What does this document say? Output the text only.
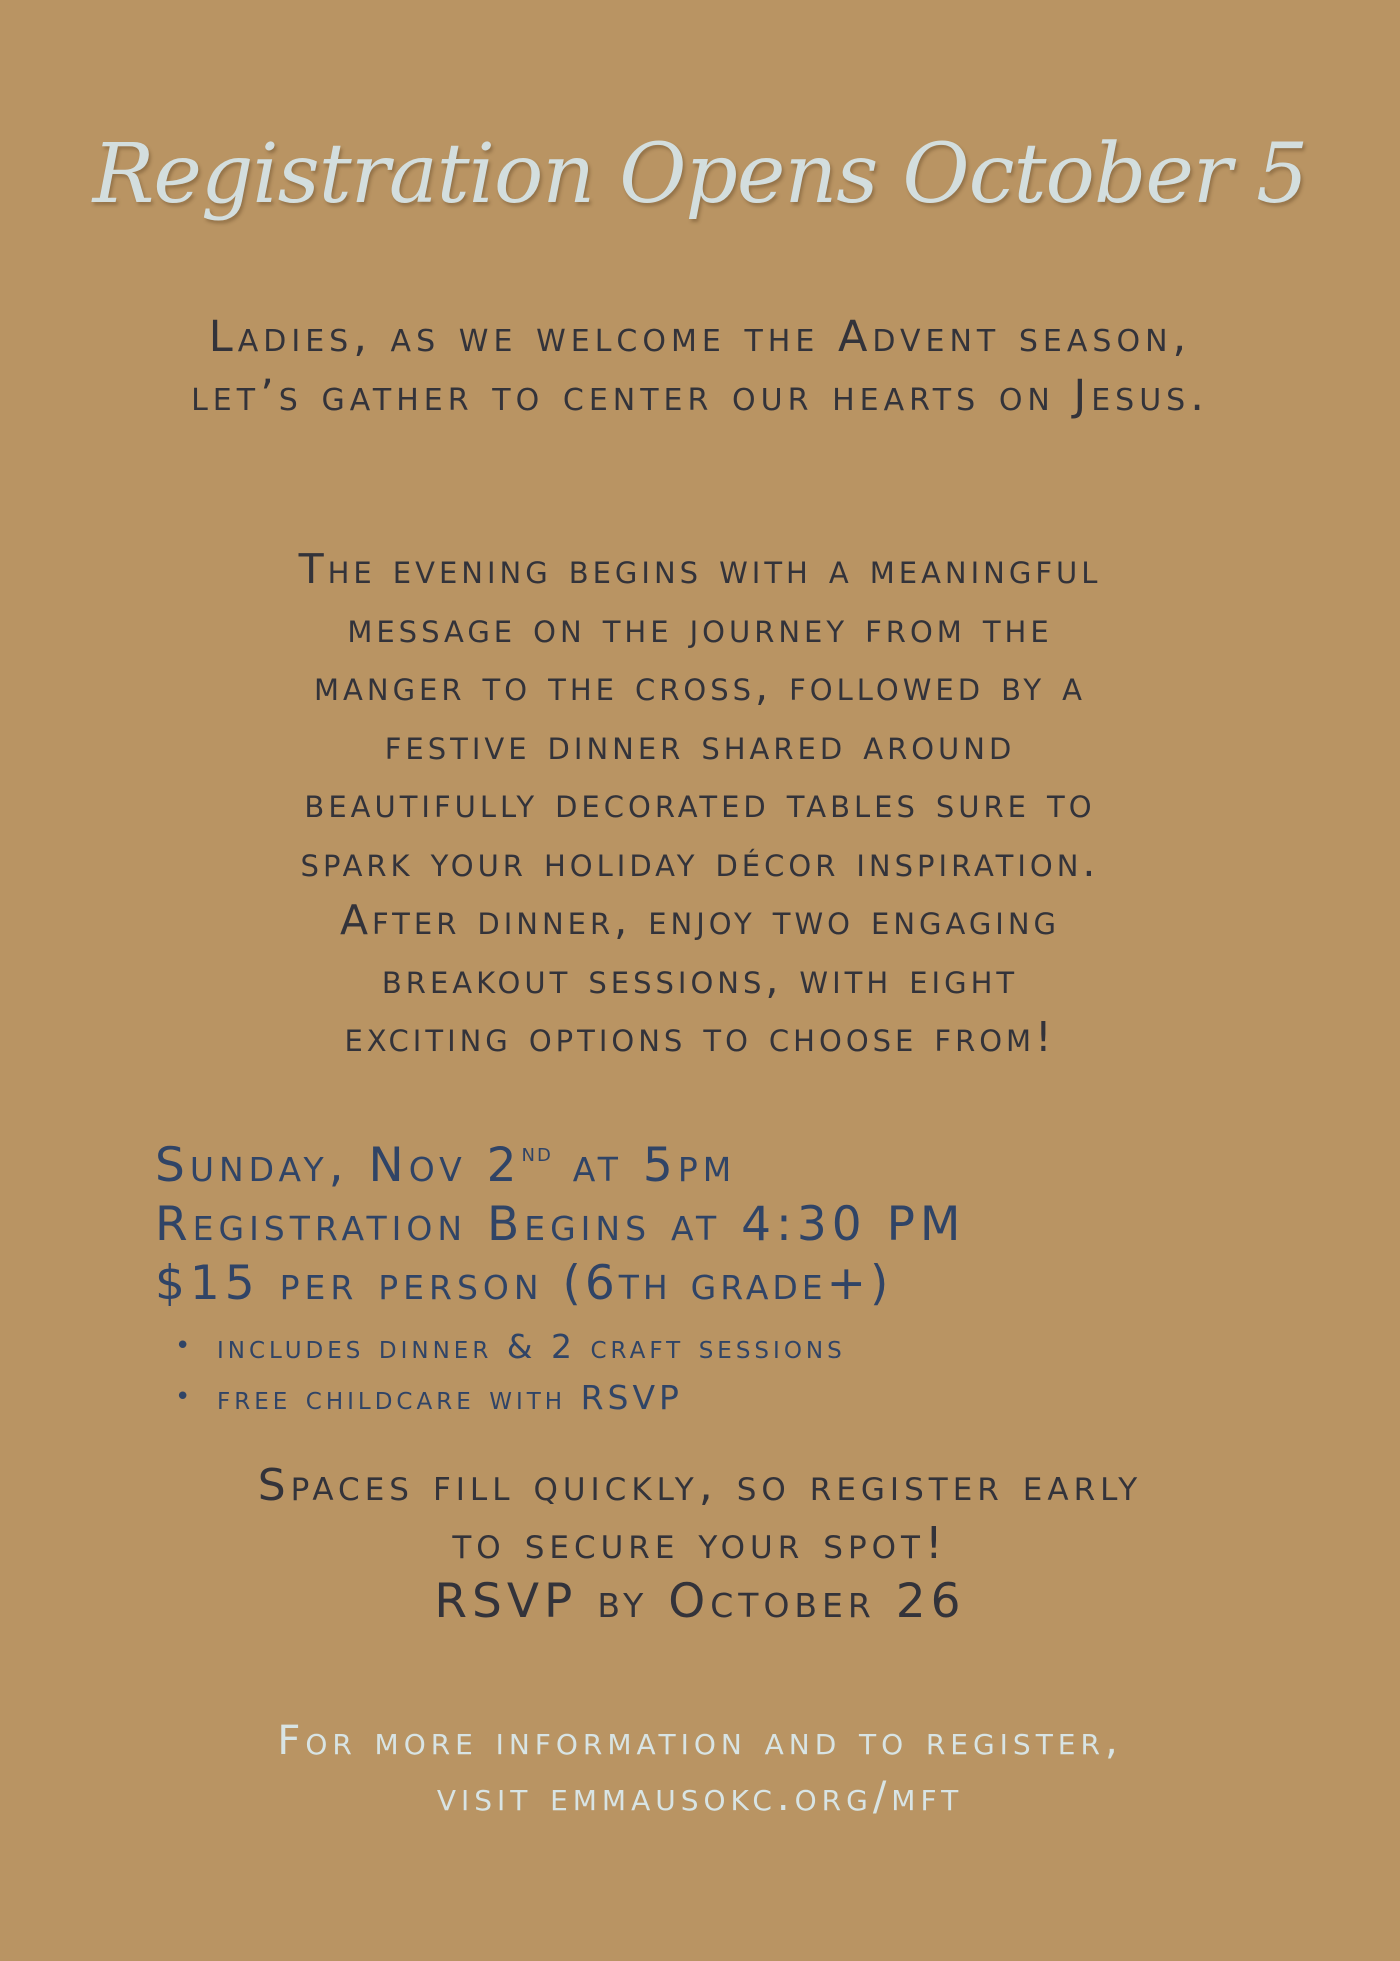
Registration Opens October 5

Ladies, as we welcome the Advent season, let’s gather to center our hearts on Jesus.

The evening begins with a meaningful
message on the journey from the
manger to the cross, followed by a
festive dinner shared around
beautifully decorated tables sure to
spark your holiday décor inspiration.
After dinner, enjoy two engaging
breakout sessions, with eight
exciting options to choose from!
Sunday, Nov 2nd at 5pm
Registration Begins at 4:30 PM
$15 per person (6th grade+)
• includes dinner & 2 craft sessions
• free childcare with RSVP
Spaces fill quickly, so register early
to secure your spot!
RSVP by October 26
For more information and to register,
visit emmausokc.org/mft
